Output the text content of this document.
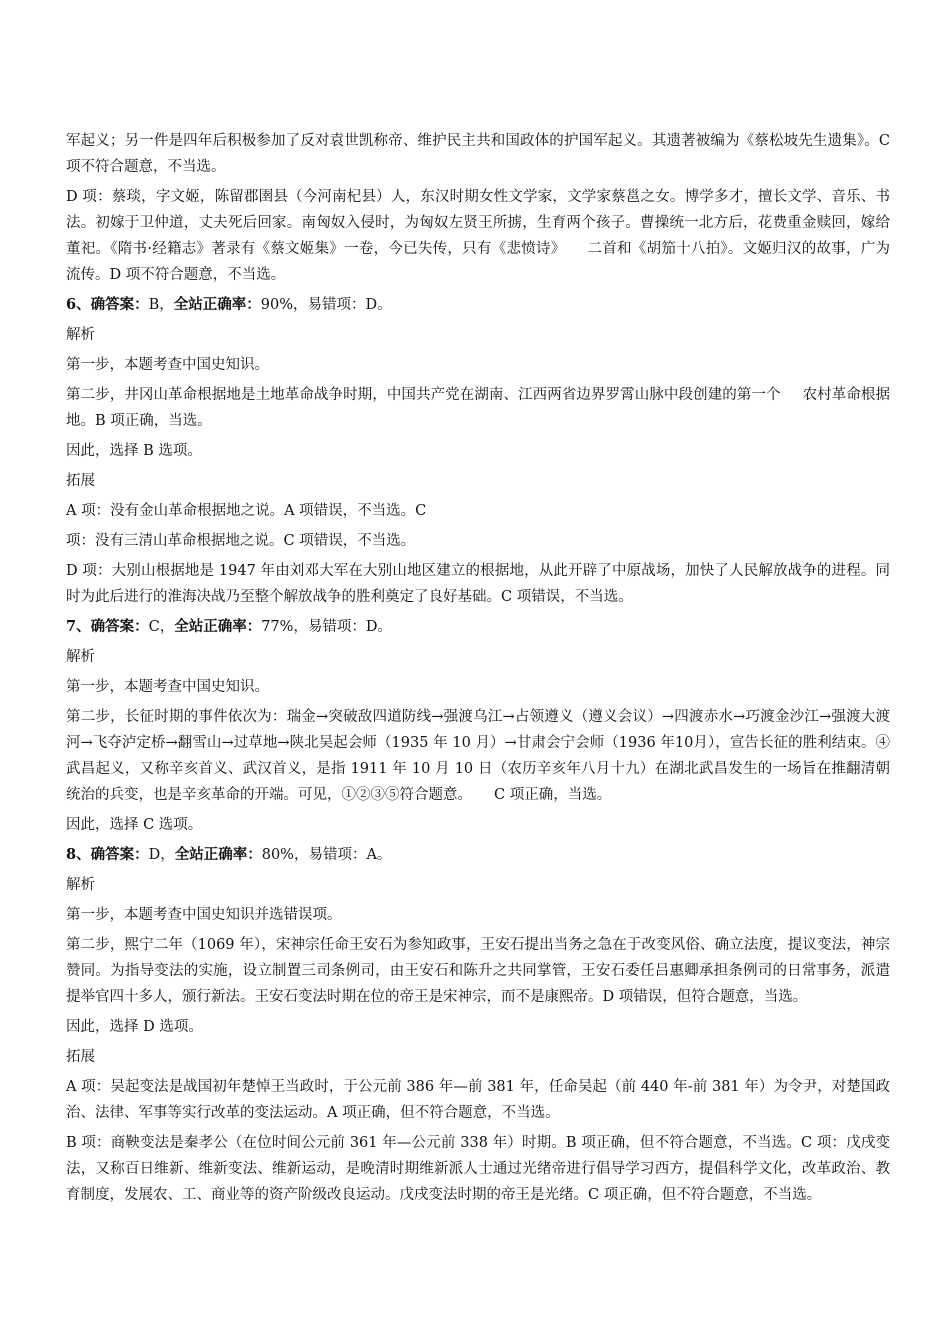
军起义；另一件是四年后积极参加了反对袁世凯称帝、维护民主共和国政体的护国军起义。其遗著被编为《蔡松坡先生遗集》。C 项不符合题意，不当选。

D 项：蔡琰，字文姬，陈留郡圉县（今河南杞县）人，东汉时期女性文学家，文学家蔡邕之女。博学多才，擅长文学、音乐、书法。初嫁于卫仲道，丈夫死后回家。南匈奴入侵时，为匈奴左贤王所掳，生育两个孩子。曹操统一北方后，花费重金赎回，嫁给董祀。《隋书·经籍志》著录有《蔡文姬集》一卷，今已失传，只有《悲愤诗》 二首和《胡笳十八拍》。文姬归汉的故事，广为流传。D 项不符合题意，不当选。

6、确答案：B，全站正确率：90%，易错项：D。

解析

第一步，本题考查中国史知识。

第二步，井冈山革命根据地是土地革命战争时期，中国共产党在湖南、江西两省边界罗霄山脉中段创建的第一个 农村革命根据地。B 项正确，当选。

因此，选择 B 选项。

拓展

A 项：没有金山革命根据地之说。A 项错误，不当选。C

项：没有三清山革命根据地之说。C 项错误，不当选。

D 项：大别山根据地是 1947 年由刘邓大军在大别山地区建立的根据地，从此开辟了中原战场，加快了人民解放战争的进程。同时为此后进行的淮海决战乃至整个解放战争的胜利奠定了良好基础。C 项错误，不当选。

7、确答案：C，全站正确率：77%，易错项：D。

解析

第一步，本题考查中国史知识。

第二步，长征时期的事件依次为：瑞金→突破敌四道防线→强渡乌江→占领遵义（遵义会议）→四渡赤水→巧渡金沙江→强渡大渡河→飞夺泸定桥→翻雪山→过草地→陕北吴起会师（1935 年 10 月）→甘肃会宁会师（1936 年10月），宣告长征的胜利结束。④武昌起义，又称辛亥首义、武汉首义，是指 1911 年 10 月 10 日（农历辛亥年八月十九）在湖北武昌发生的一场旨在推翻清朝统治的兵变，也是辛亥革命的开端。可见，①②③⑤符合题意。 C 项正确，当选。

因此，选择 C 选项。

8、确答案：D，全站正确率：80%，易错项：A。

解析

第一步，本题考查中国史知识并选错误项。

第二步，熙宁二年（1069 年），宋神宗任命王安石为参知政事，王安石提出当务之急在于改变风俗、确立法度，提议变法，神宗赞同。为指导变法的实施，设立制置三司条例司，由王安石和陈升之共同掌管，王安石委任吕惠卿承担条例司的日常事务，派遣提举官四十多人，颁行新法。王安石变法时期在位的帝王是宋神宗，而不是康熙帝。D 项错误，但符合题意，当选。

因此，选择 D 选项。

拓展

A 项：吴起变法是战国初年楚悼王当政时，于公元前 386 年—前 381 年，任命吴起（前 440 年-前 381 年）为令尹，对楚国政治、法律、军事等实行改革的变法运动。A 项正确，但不符合题意，不当选。

B 项：商鞅变法是秦孝公（在位时间公元前 361 年—公元前 338 年）时期。B 项正确，但不符合题意，不当选。C 项：戊戌变法，又称百日维新、维新变法、维新运动，是晚清时期维新派人士通过光绪帝进行倡导学习西方，提倡科学文化，改革政治、教育制度，发展农、工、商业等的资产阶级改良运动。戊戌变法时期的帝王是光绪。C 项正确，但不符合题意，不当选。
